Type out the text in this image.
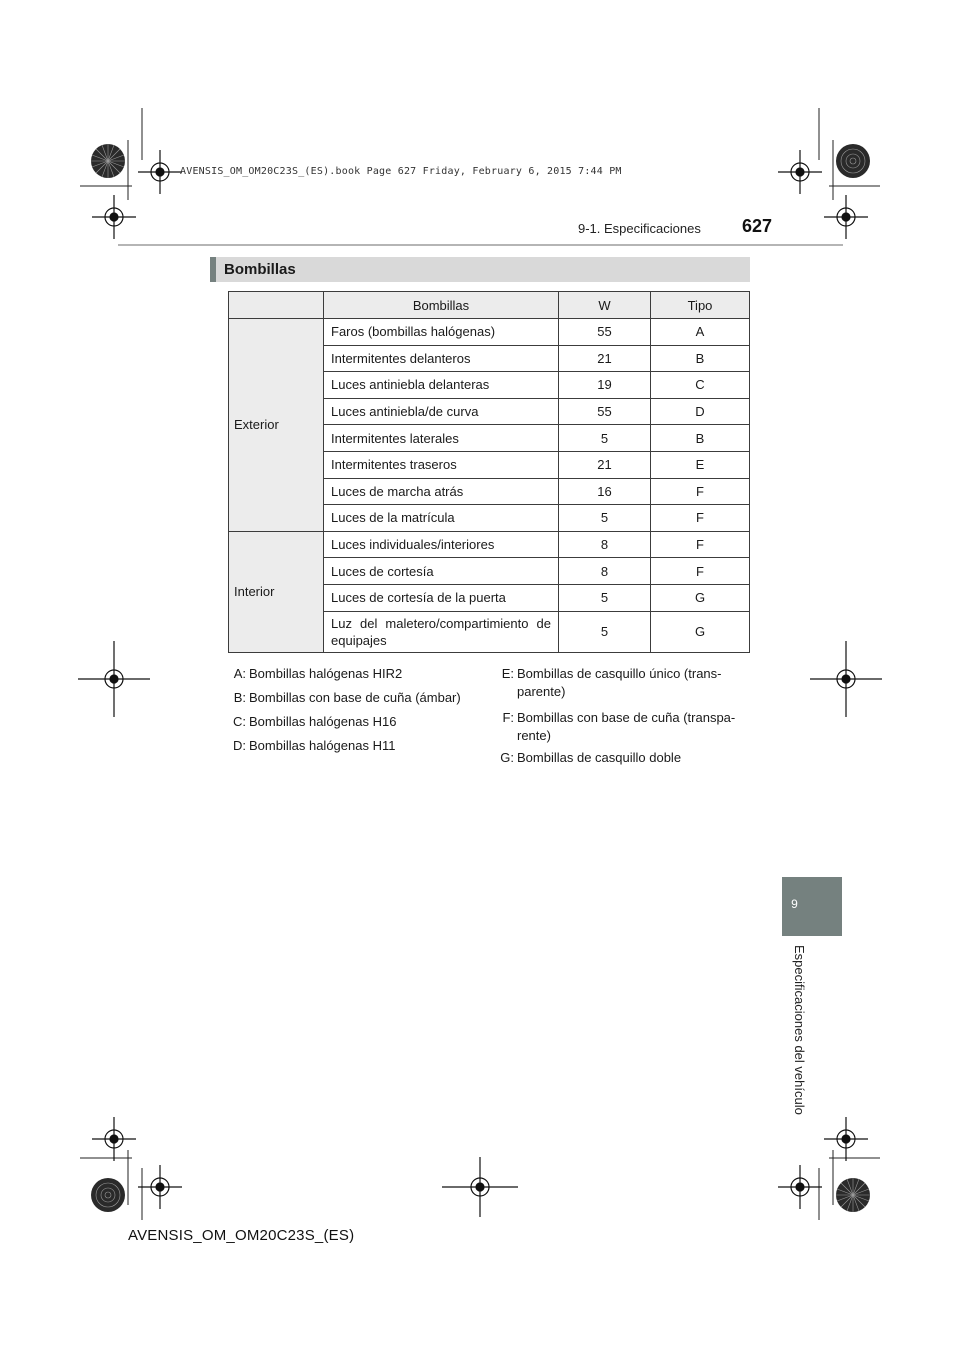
AVENSIS_OM_OM20C23S_(ES).book Page 627 Friday, February 6, 2015 7:44 PM
9-1. Especificaciones 627
Bombillas
	Bombillas	W	Tipo
Exterior	Faros (bombillas halógenas)	55	A
	Intermitentes delanteros	21	B
	Luces antiniebla delanteras	19	C
	Luces antiniebla/de curva	55	D
	Intermitentes laterales	5	B
	Intermitentes traseros	21	E
	Luces de marcha atrás	16	F
	Luces de la matrícula	5	F
Interior	Luces individuales/interiores	8	F
	Luces de cortesía	8	F
	Luces de cortesía de la puerta	5	G
	Luz del maletero/compartimiento de equipajes	5	G
A: Bombillas halógenas HIR2
B: Bombillas con base de cuña (ámbar)
C: Bombillas halógenas H16
D: Bombillas halógenas H11
E: Bombillas de casquillo único (trans-
parente)
F: Bombillas con base de cuña (transpa-
rente)
G: Bombillas de casquillo doble
9
Especificaciones del vehículo
AVENSIS_OM_OM20C23S_(ES)
